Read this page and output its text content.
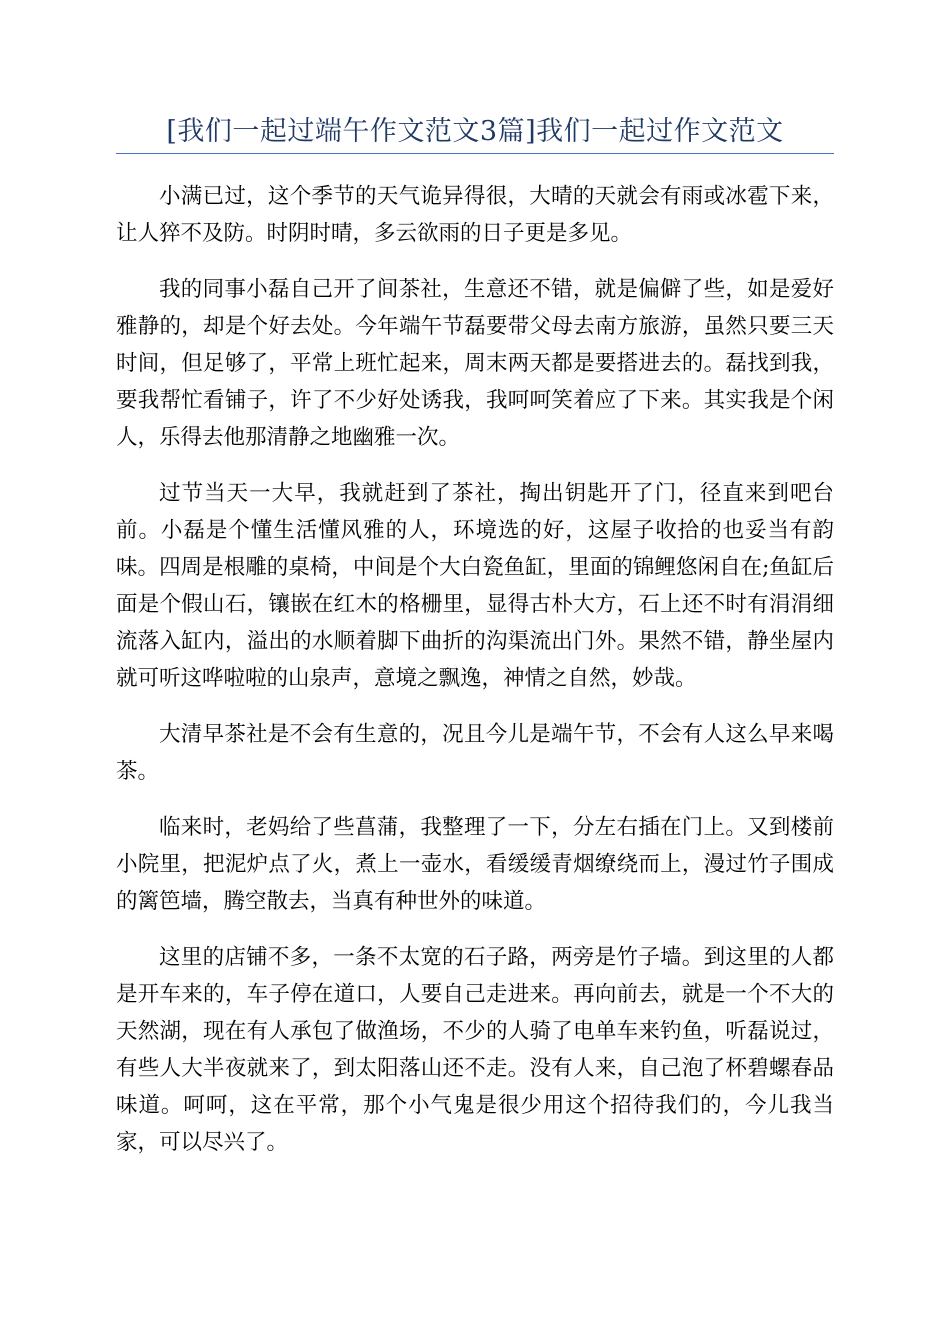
[我们一起过端午作文范文3篇]我们一起过作文范文

小满已过，这个季节的天气诡异得很，大晴的天就会有雨或冰雹下来，让人猝不及防。时阴时晴，多云欲雨的日子更是多见。

我的同事小磊自己开了间茶社，生意还不错，就是偏僻了些，如是爱好雅静的，却是个好去处。今年端午节磊要带父母去南方旅游，虽然只要三天时间，但足够了，平常上班忙起来，周末两天都是要搭进去的。磊找到我，要我帮忙看铺子，许了不少好处诱我，我呵呵笑着应了下来。其实我是个闲人，乐得去他那清静之地幽雅一次。

过节当天一大早，我就赶到了茶社，掏出钥匙开了门，径直来到吧台前。小磊是个懂生活懂风雅的人，环境选的好，这屋子收拾的也妥当有韵味。四周是根雕的桌椅，中间是个大白瓷鱼缸，里面的锦鲤悠闲自在;鱼缸后面是个假山石，镶嵌在红木的格栅里，显得古朴大方，石上还不时有涓涓细流落入缸内，溢出的水顺着脚下曲折的沟渠流出门外。果然不错，静坐屋内就可听这哗啦啦的山泉声，意境之飘逸，神情之自然，妙哉。

大清早茶社是不会有生意的，况且今儿是端午节，不会有人这么早来喝茶。

临来时，老妈给了些菖蒲，我整理了一下，分左右插在门上。又到楼前小院里，把泥炉点了火，煮上一壶水，看缓缓青烟缭绕而上，漫过竹子围成的篱笆墙，腾空散去，当真有种世外的味道。

这里的店铺不多，一条不太宽的石子路，两旁是竹子墙。到这里的人都是开车来的，车子停在道口，人要自己走进来。再向前去，就是一个不大的天然湖，现在有人承包了做渔场，不少的人骑了电单车来钓鱼，听磊说过，有些人大半夜就来了，到太阳落山还不走。没有人来，自己泡了杯碧螺春品味道。呵呵，这在平常，那个小气鬼是很少用这个招待我们的，今儿我当家，可以尽兴了。
